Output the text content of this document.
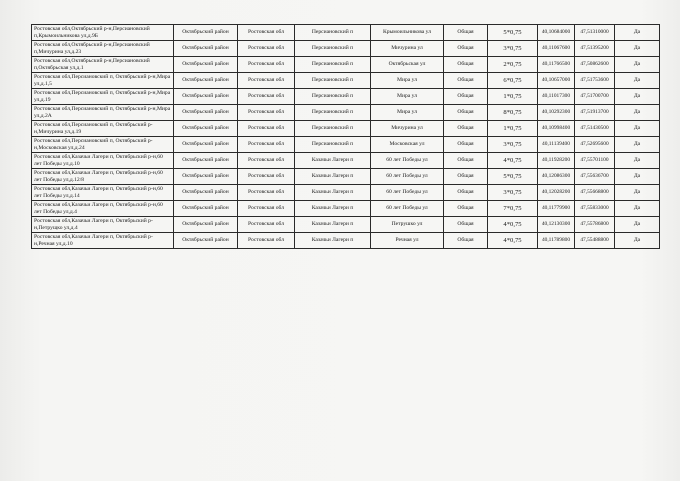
Ростовская обл,Октябрьский р-н,Персиановский п,Крымоильникова ул,д.9Б	Октябрьский район	Ростовская обл	Персиановский п	Крымоильникова ул	Общая	5*0,75	40,10684000	47,51310000	Да
Ростовская обл,Октябрьский р-н,Персиановский п,Мичурина ул,д.23	Октябрьский район	Ростовская обл	Персиановский п	Мичурина ул	Общая	3*0,75	40,11067600	47,51395200	Да
Ростовская обл,Октябрьский р-н,Персиановский п,Октябрьская ул,д.1	Октябрьский район	Ростовская обл	Персиановский п	Октябрьская ул	Общая	2*0,75	40,11766500	47,50862600	Да
Ростовская обл,Персиановский п, Октябрьский р-н,Мира ул,д.1,5	Октябрьский район	Ростовская обл	Персиановский п	Мира ул	Общая	6*0,75	40,10657000	47,51753600	Да
Ростовская обл,Персиановский п, Октябрьский р-н,Мира ул,д.19	Октябрьский район	Ростовская обл	Персиановский п	Мира ул	Общая	1*0,75	40,11017300	47,51700700	Да
Ростовская обл,Персиановский п, Октябрьский р-н,Мира ул,д.2А	Октябрьский район	Ростовская обл	Персиановский п	Мира ул	Общая	8*0,75	40,10292300	47,51913700	Да
Ростовская обл,Персиановский п, Октябрьский р-н,Мичурина ул,д.19	Октябрьский район	Ростовская обл	Персиановский п	Мичурина ул	Общая	1*0,75	40,10998400	47,51430500	Да
Ростовская обл,Персиановский п, Октябрьский р-н,Московская ул,д.24	Октябрьский район	Ростовская обл	Персиановский п	Московская ул	Общая	3*0,75	40,11139400	47,52695600	Да
Ростовская обл,Казачьи Лагери п, Октябрьский р-н,60 лет Победы ул,д.10	Октябрьский район	Ростовская обл	Казачьи Лагери п	60 лет Победы ул	Общая	4*0,75	40,11928200	47,55701100	Да
Ростовская обл,Казачьи Лагери п, Октябрьский р-н,60 лет Победы ул,д.12/8	Октябрьский район	Ростовская обл	Казачьи Лагери п	60 лет Победы ул	Общая	5*0,75	40,12086300	47,55636700	Да
Ростовская обл,Казачьи Лагери п, Октябрьский р-н,60 лет Победы ул,д.14	Октябрьский район	Ростовская обл	Казачьи Лагери п	60 лет Победы ул	Общая	3*0,75	40,12028200	47,55668800	Да
Ростовская обл,Казачьи Лагери п, Октябрьский р-н,60 лет Победы ул,д.4	Октябрьский район	Ростовская обл	Казачьи Лагери п	60 лет Победы ул	Общая	7*0,75	40,11779900	47,55833000	Да
Ростовская обл,Казачьи Лагери п, Октябрьский р-н,Петрущко ул,д.4	Октябрьский район	Ростовская обл	Казачьи Лагери п	Петрушко ул	Общая	4*0,75	40,12130300	47,55786800	Да
Ростовская обл,Казачьи Лагери п, Октябрьский р-н,Речная ул,д.10	Октябрьский район	Ростовская обл	Казачьи Лагери п	Речная ул	Общая	4*0,75	40,11789800	47,55488800	Да
